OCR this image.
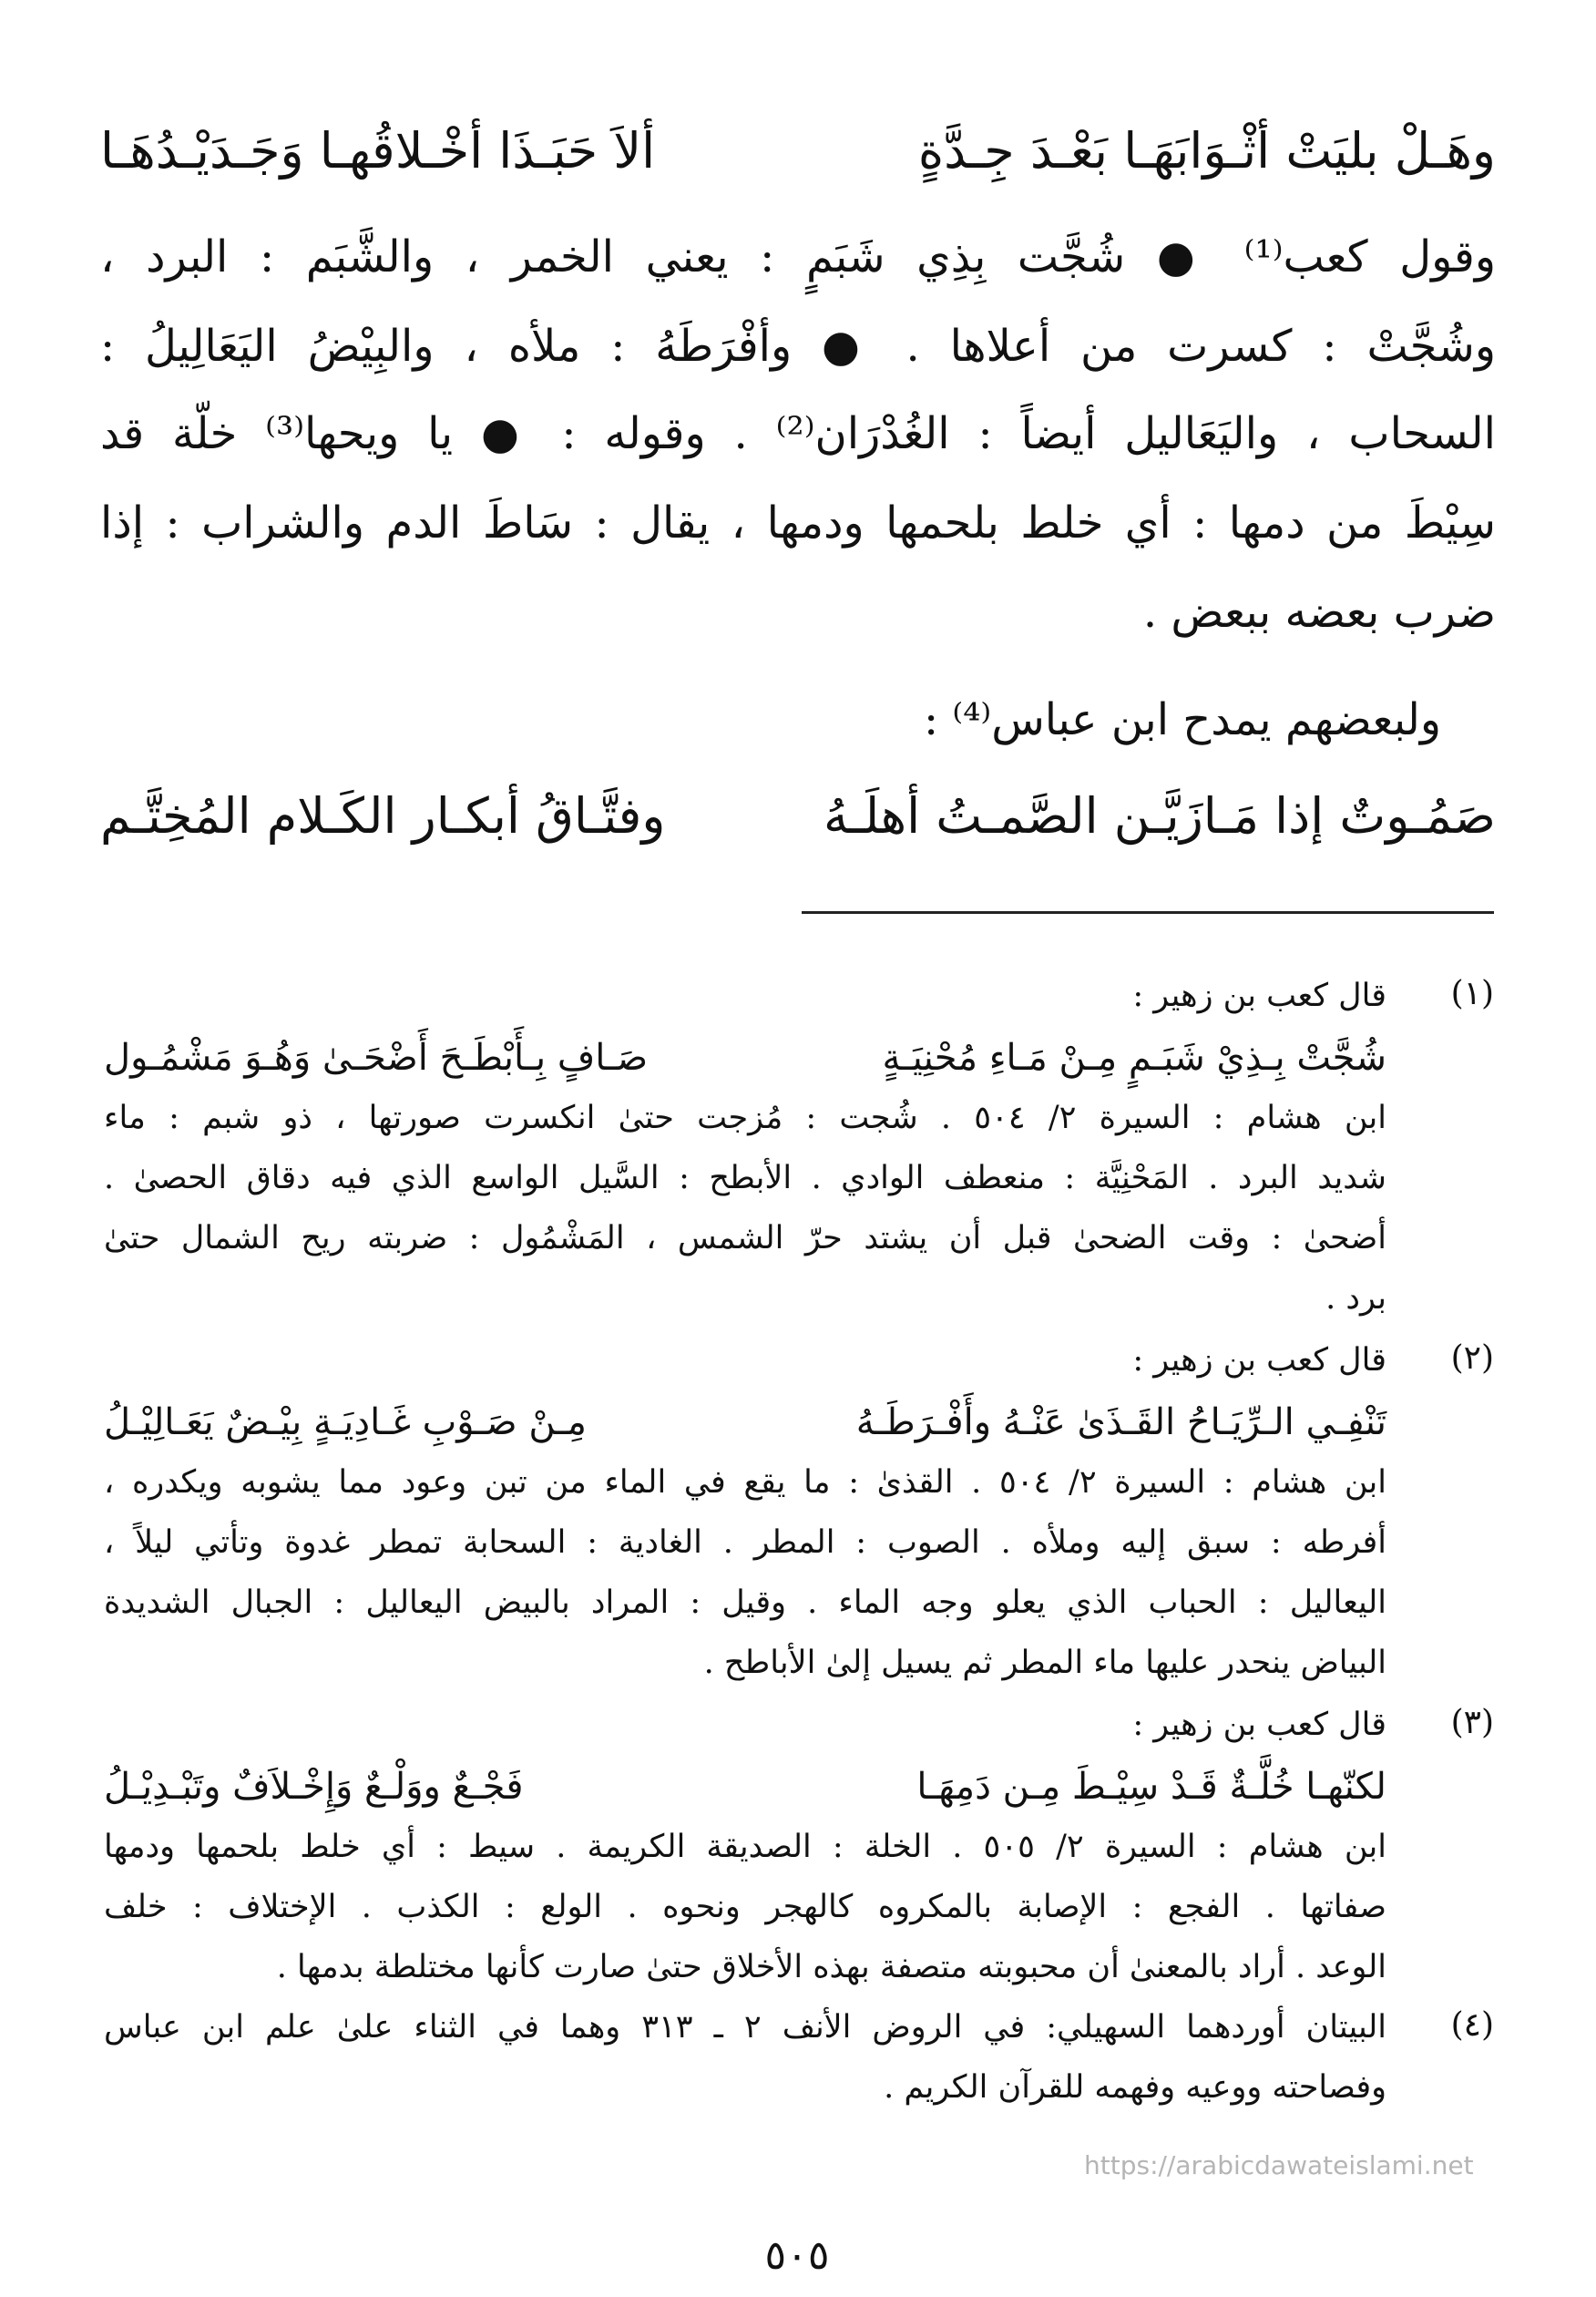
وهَـلْ بليَتْ أثْـوَابَهَـا بَعْـدَ جِـدَّةٍ
ألاَ حَبَـذَا أخْـلاقُهـا وَجَـدَيْـدُهَـا
وقول كعب⁽¹⁾ ● شُجَّت بِذِي شَبَمٍ : يعني الخمر ، والشَّبَم : البرد ،
وشُجَّتْ : كسرت من أعلاها . ● وأفْرَطَهُ : ملأه ، والبِيْضُ اليَعَالِيلُ :
السحاب ، واليَعَاليل أيضاً : الغُدْرَان⁽²⁾ . وقوله : ● يا ويحها⁽³⁾ خلّة قد
سِيْطَ من دمها : أي خلط بلحمها ودمها ، يقال : سَاطَ الدم والشراب : إذا
ضرب بعضه ببعض .
ولبعضهم يمدح ابن عباس⁽⁴⁾ :
صَمُـوتٌ إذا مَـازَيَّـن الصَّمـتُ أهلَـهُ
وفتَّـاقُ أبكـار الكَـلام المُخِتَّـم
(١)
قال كعب بن زهير :
شُجَّتْ بِـذِيْ شَبَـمٍ مِـنْ مَـاءِ مُحْنِيَـةٍ
صَـافٍ بِـأَبْطَـحَ أَضْحَـىٰ وَهُـوَ مَشْمُـول
ابن هشام : السيرة ٢/ ٥٠٤ . شُجت : مُزجت حتىٰ انكسرت صورتها ، ذو شبم : ماء
شديد البرد . المَحْنِيَّة : منعطف الوادي . الأبطح : السَّيل الواسع الذي فيه دقاق الحصىٰ .
أضحىٰ : وقت الضحىٰ قبل أن يشتد حرّ الشمس ، المَشْمُول : ضربته ريح الشمال حتىٰ
برد .
(٢)
قال كعب بن زهير :
تَنْفِـي الـرِّيَـاحُ القَـذَىٰ عَنْـهُ وأَفْـرَطَـهُ
مِـنْ صَـوْبِ غَـادِيَـةٍ بِيْـضٌ يَعَـالِيْـلُ
ابن هشام : السيرة ٢/ ٥٠٤ . القذىٰ : ما يقع في الماء من تبن وعود مما يشوبه ويكدره ،
أفرطه : سبق إليه وملأه . الصوب : المطر . الغادية : السحابة تمطر غدوة وتأتي ليلاً ،
اليعاليل : الحباب الذي يعلو وجه الماء . وقيل : المراد بالبيض اليعاليل : الجبال الشديدة
البياض ينحدر عليها ماء المطر ثم يسيل إلىٰ الأباطح .
(٣)
قال كعب بن زهير :
لكنّهـا خُلَّـةٌ قَـدْ سِيْـطَ مِـن دَمِهَـا
فَجْـعٌ ووَلْـعٌ وَإِخْـلاَفٌ وتَبْـدِيْـلُ
ابن هشام : السيرة ٢/ ٥٠٥ . الخلة : الصديقة الكريمة . سيط : أي خلط بلحمها ودمها
صفاتها . الفجع : الإصابة بالمكروه كالهجر ونحوه . الولع : الكذب . الإختلاف : خلف
الوعد . أراد بالمعنىٰ أن محبوبته متصفة بهذه الأخلاق حتىٰ صارت كأنها مختلطة بدمها .
(٤)
البيتان أوردهما السهيلي: في الروض الأنف ٢ ـ ٣١٣ وهما في الثناء علىٰ علم ابن عباس
وفصاحته ووعيه وفهمه للقرآن الكريم .
https://arabicdawateislami.net
٥٠٥
